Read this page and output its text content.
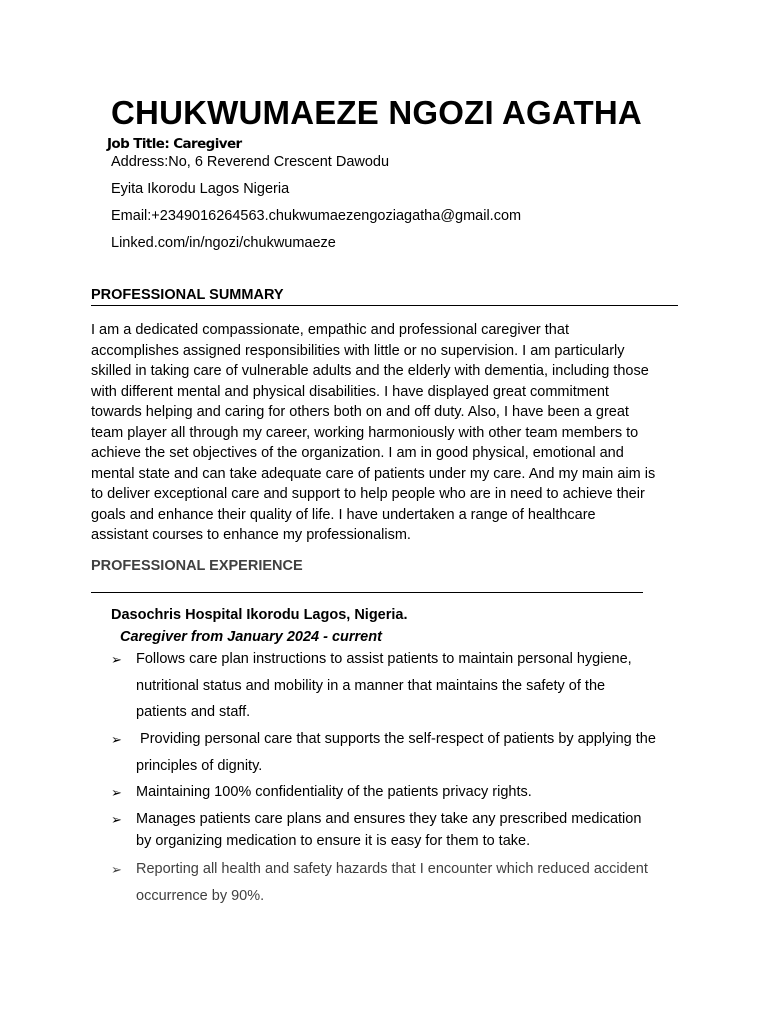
CHUKWUMAEZE NGOZI AGATHA
Job Title: Caregiver
Address:No, 6 Reverend Crescent Dawodu
Eyita Ikorodu Lagos Nigeria
Email:+2349016264563.chukwumaezengoziagatha@gmail.com
Linked.com/in/ngozi/chukwumaeze
PROFESSIONAL SUMMARY
I am a dedicated compassionate, empathic and professional caregiver that
accomplishes assigned responsibilities with little or no supervision. I am particularly
skilled in taking care of vulnerable adults and the elderly with dementia, including those
with different mental and physical disabilities. I have displayed great commitment
towards helping and caring for others both on and off duty. Also, I have been a great
team player all through my career, working harmoniously with other team members to
achieve the set objectives of the organization. I am in good physical, emotional and
mental state and can take adequate care of patients under my care. And my main aim is
to deliver exceptional care and support to help people who are in need to achieve their
goals and enhance their quality of life. I have undertaken a range of healthcare
assistant courses to enhance my professionalism.
PROFESSIONAL EXPERIENCE
Dasochris Hospital Ikorodu Lagos, Nigeria.
Caregiver from January 2024 - current
➢ Follows care plan instructions to assist patients to maintain personal hygiene,
nutritional status and mobility in a manner that maintains the safety of the
patients and staff.
➢ Providing personal care that supports the self-respect of patients by applying the
principles of dignity.
➢ Maintaining 100% confidentiality of the patients privacy rights.
➢ Manages patients care plans and ensures they take any prescribed medication
by organizing medication to ensure it is easy for them to take.
➢ Reporting all health and safety hazards that I encounter which reduced accident
occurrence by 90%.
